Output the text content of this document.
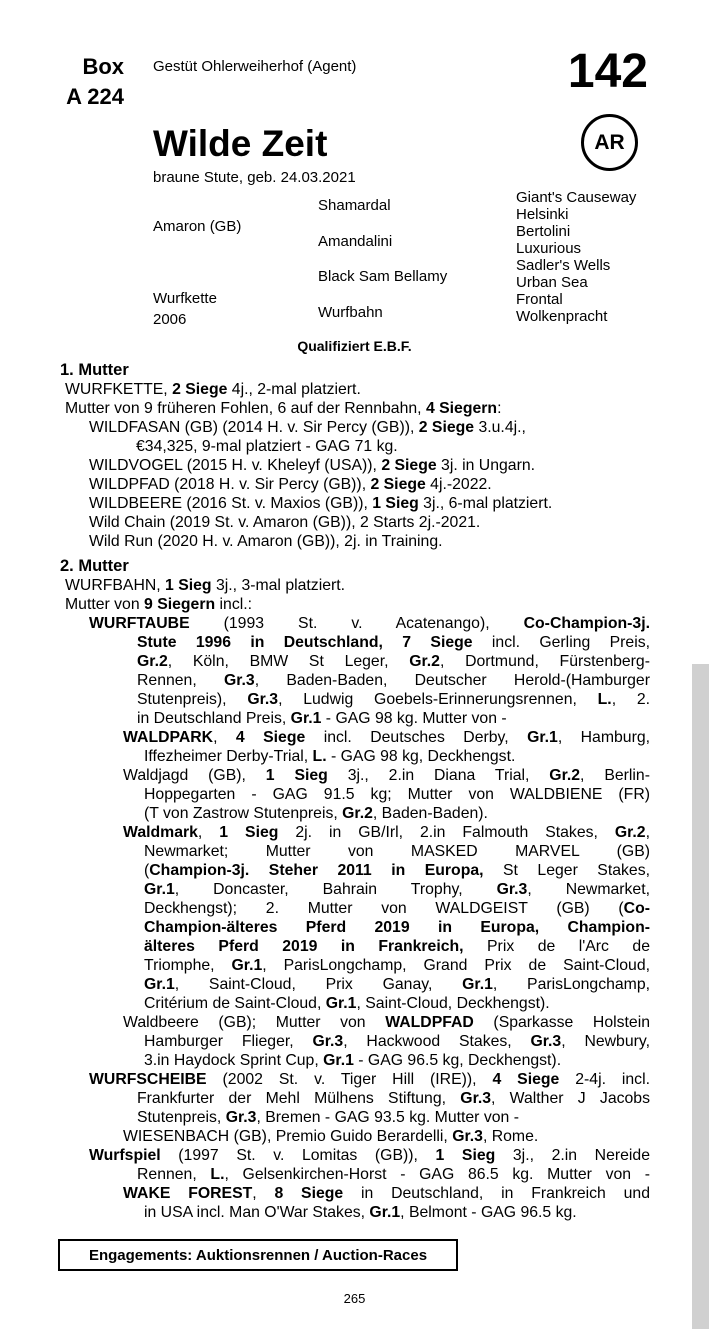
Box
A 224
Gestüt Ohlerweiherhof (Agent)	142
AR
Wilde Zeit
braune Stute, geb. 24.03.2021
Amaron (GB)
Wurfkette
2006
Shamardal
Amandalini
Black Sam Bellamy
Wurfbahn
Giant's Causeway
Helsinki
Bertolini
Luxurious
Sadler's Wells
Urban Sea
Frontal
Wolkenpracht
Qualifiziert E.B.F.
1. Mutter
WURFKETTE, 2 Siege 4j., 2-mal platziert.
Mutter von 9 früheren Fohlen, 6 auf der Rennbahn, 4 Siegern:
WILDFASAN (GB) (2014 H. v. Sir Percy (GB)), 2 Siege 3.u.4j.,
€34,325, 9-mal platziert - GAG 71 kg.
WILDVOGEL (2015 H. v. Kheleyf (USA)), 2 Siege 3j. in Ungarn.
WILDPFAD (2018 H. v. Sir Percy (GB)), 2 Siege 4j.-2022.
WILDBEERE (2016 St. v. Maxios (GB)), 1 Sieg 3j., 6-mal platziert.
Wild Chain (2019 St. v. Amaron (GB)), 2 Starts 2j.-2021.
Wild Run (2020 H. v. Amaron (GB)), 2j. in Training.
2. Mutter
WURFBAHN, 1 Sieg 3j., 3-mal platziert.
Mutter von 9 Siegern incl.:
WURFTAUBE (1993 St. v. Acatenango), Co-Champion-3j.
Stute 1996 in Deutschland, 7 Siege incl. Gerling Preis,
Gr.2, Köln, BMW St Leger, Gr.2, Dortmund, Fürstenberg-
Rennen, Gr.3, Baden-Baden, Deutscher Herold-(Hamburger
Stutenpreis), Gr.3, Ludwig Goebels-Erinnerungsrennen, L., 2.
in Deutschland Preis, Gr.1 - GAG 98 kg. Mutter von -
WALDPARK, 4 Siege incl. Deutsches Derby, Gr.1, Hamburg,
Iffezheimer Derby-Trial, L. - GAG 98 kg, Deckhengst.
Waldjagd (GB), 1 Sieg 3j., 2.in Diana Trial, Gr.2, Berlin-
Hoppegarten - GAG 91.5 kg; Mutter von WALDBIENE (FR)
(T von Zastrow Stutenpreis, Gr.2, Baden-Baden).
Waldmark, 1 Sieg 2j. in GB/Irl, 2.in Falmouth Stakes, Gr.2,
Newmarket; Mutter von MASKED MARVEL (GB)
(Champion-3j. Steher 2011 in Europa, St Leger Stakes,
Gr.1, Doncaster, Bahrain Trophy, Gr.3, Newmarket,
Deckhengst); 2. Mutter von WALDGEIST (GB) (Co-
Champion-älteres Pferd 2019 in Europa, Champion-
älteres Pferd 2019 in Frankreich, Prix de l'Arc de
Triomphe, Gr.1, ParisLongchamp, Grand Prix de Saint-Cloud,
Gr.1, Saint-Cloud, Prix Ganay, Gr.1, ParisLongchamp,
Critérium de Saint-Cloud, Gr.1, Saint-Cloud, Deckhengst).
Waldbeere (GB); Mutter von WALDPFAD (Sparkasse Holstein
Hamburger Flieger, Gr.3, Hackwood Stakes, Gr.3, Newbury,
3.in Haydock Sprint Cup, Gr.1 - GAG 96.5 kg, Deckhengst).
WURFSCHEIBE (2002 St. v. Tiger Hill (IRE)), 4 Siege 2-4j. incl.
Frankfurter der Mehl Mülhens Stiftung, Gr.3, Walther J Jacobs
Stutenpreis, Gr.3, Bremen - GAG 93.5 kg. Mutter von -
WIESENBACH (GB), Premio Guido Berardelli, Gr.3, Rome.
Wurfspiel (1997 St. v. Lomitas (GB)), 1 Sieg 3j., 2.in Nereide
Rennen, L., Gelsenkirchen-Horst - GAG 86.5 kg. Mutter von -
WAKE FOREST, 8 Siege in Deutschland, in Frankreich und
in USA incl. Man O'War Stakes, Gr.1, Belmont - GAG 96.5 kg.
Engagements: Auktionsrennen / Auction-Races
265
